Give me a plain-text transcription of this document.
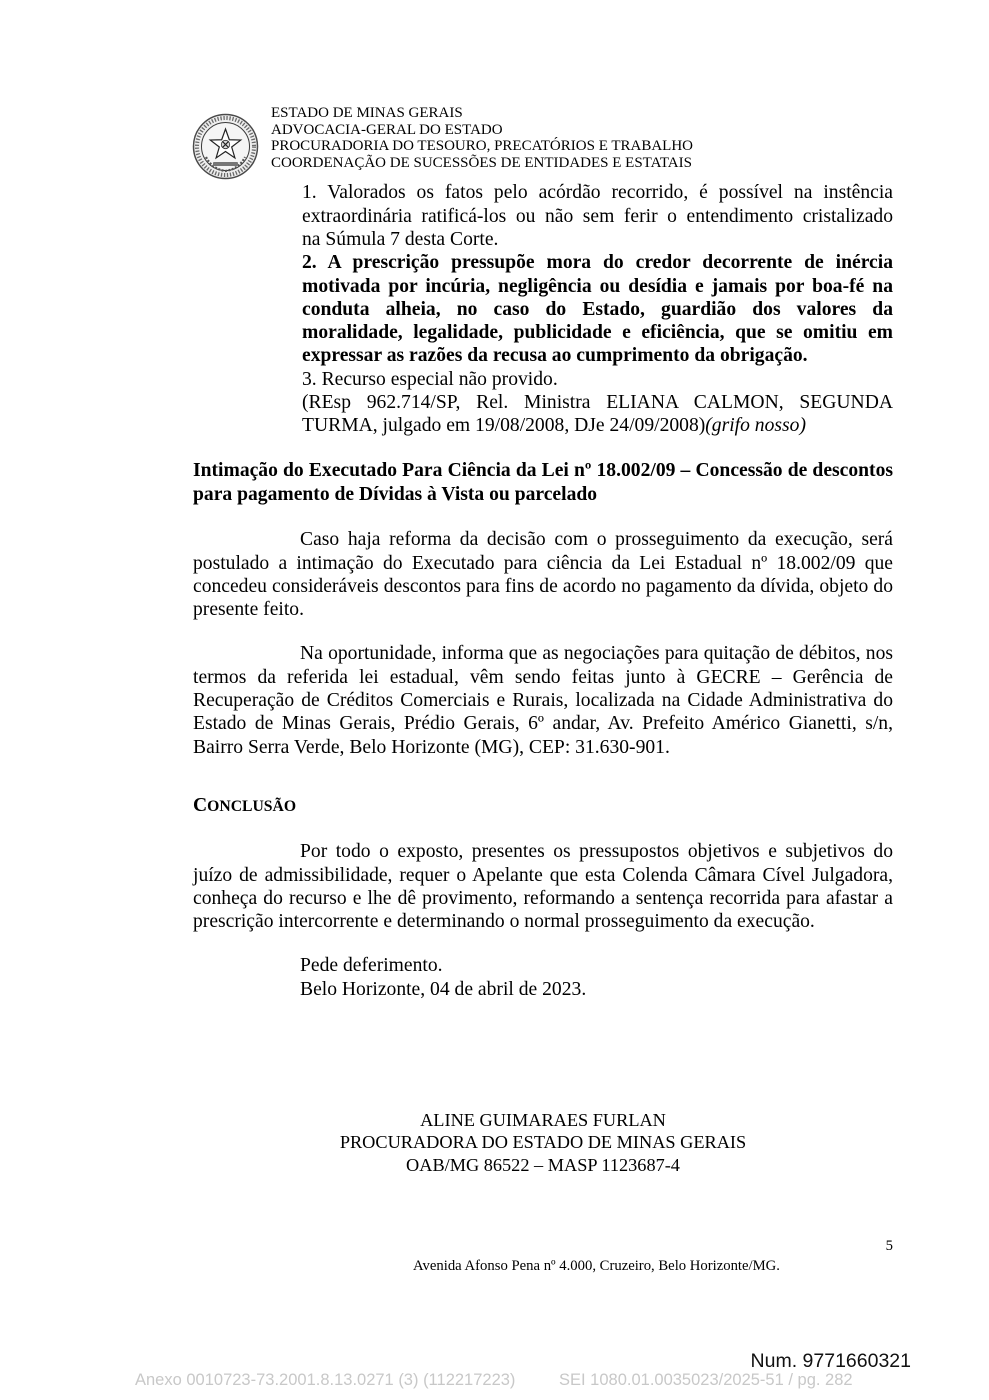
ESTADO DE MINAS GERAIS
ADVOCACIA-GERAL DO ESTADO
PROCURADORIA DO TESOURO, PRECATÓRIOS E TRABALHO
COORDENAÇÃO DE SUCESSÕES DE ENTIDADES E ESTATAIS
1. Valorados os fatos pelo acórdão recorrido, é possível na instência
extraordinária ratificá-los ou não sem ferir o entendimento cristalizado
na Súmula 7 desta Corte.
2. A prescrição pressupõe mora do credor decorrente de inércia
motivada por incúria, negligência ou desídia e jamais por boa-fé na
conduta alheia, no caso do Estado, guardião dos valores da
moralidade, legalidade, publicidade e eficiência, que se omitiu em
expressar as razões da recusa ao cumprimento da obrigação.
3. Recurso especial não provido.
(REsp 962.714/SP, Rel. Ministra ELIANA CALMON, SEGUNDA
TURMA, julgado em 19/08/2008, DJe 24/09/2008)(grifo nosso)
Intimação do Executado Para Ciência da Lei nº 18.002/09 – Concessão de descontos
para pagamento de Dívidas à Vista ou parcelado
Caso haja reforma da decisão com o prosseguimento da execução, será
postulado a intimação do Executado para ciência da Lei Estadual nº 18.002/09 que
concedeu consideráveis descontos para fins de acordo no pagamento da dívida, objeto do
presente feito.
Na oportunidade, informa que as negociações para quitação de débitos, nos
termos da referida lei estadual, vêm sendo feitas junto à GECRE – Gerência de
Recuperação de Créditos Comerciais e Rurais, localizada na Cidade Administrativa do
Estado de Minas Gerais, Prédio Gerais, 6º andar, Av. Prefeito Américo Gianetti, s/n,
Bairro Serra Verde, Belo Horizonte (MG), CEP: 31.630-901.
CONCLUSÃO
Por todo o exposto, presentes os pressupostos objetivos e subjetivos do
juízo de admissibilidade, requer o Apelante que esta Colenda Câmara Cível Julgadora,
conheça do recurso e lhe dê provimento, reformando a sentença recorrida para afastar a
prescrição intercorrente e determinando o normal prosseguimento da execução.
Pede deferimento.
Belo Horizonte, 04 de abril de 2023.
ALINE GUIMARAES FURLAN
PROCURADORA DO ESTADO DE MINAS GERAIS
OAB/MG 86522 – MASP 1123687-4
5
Avenida Afonso Pena nº 4.000, Cruzeiro, Belo Horizonte/MG.
Num. 9771660321
Anexo 0010723-73.2001.8.13.0271 (3) (112217223)	SEI 1080.01.0035023/2025-51 / pg. 282
